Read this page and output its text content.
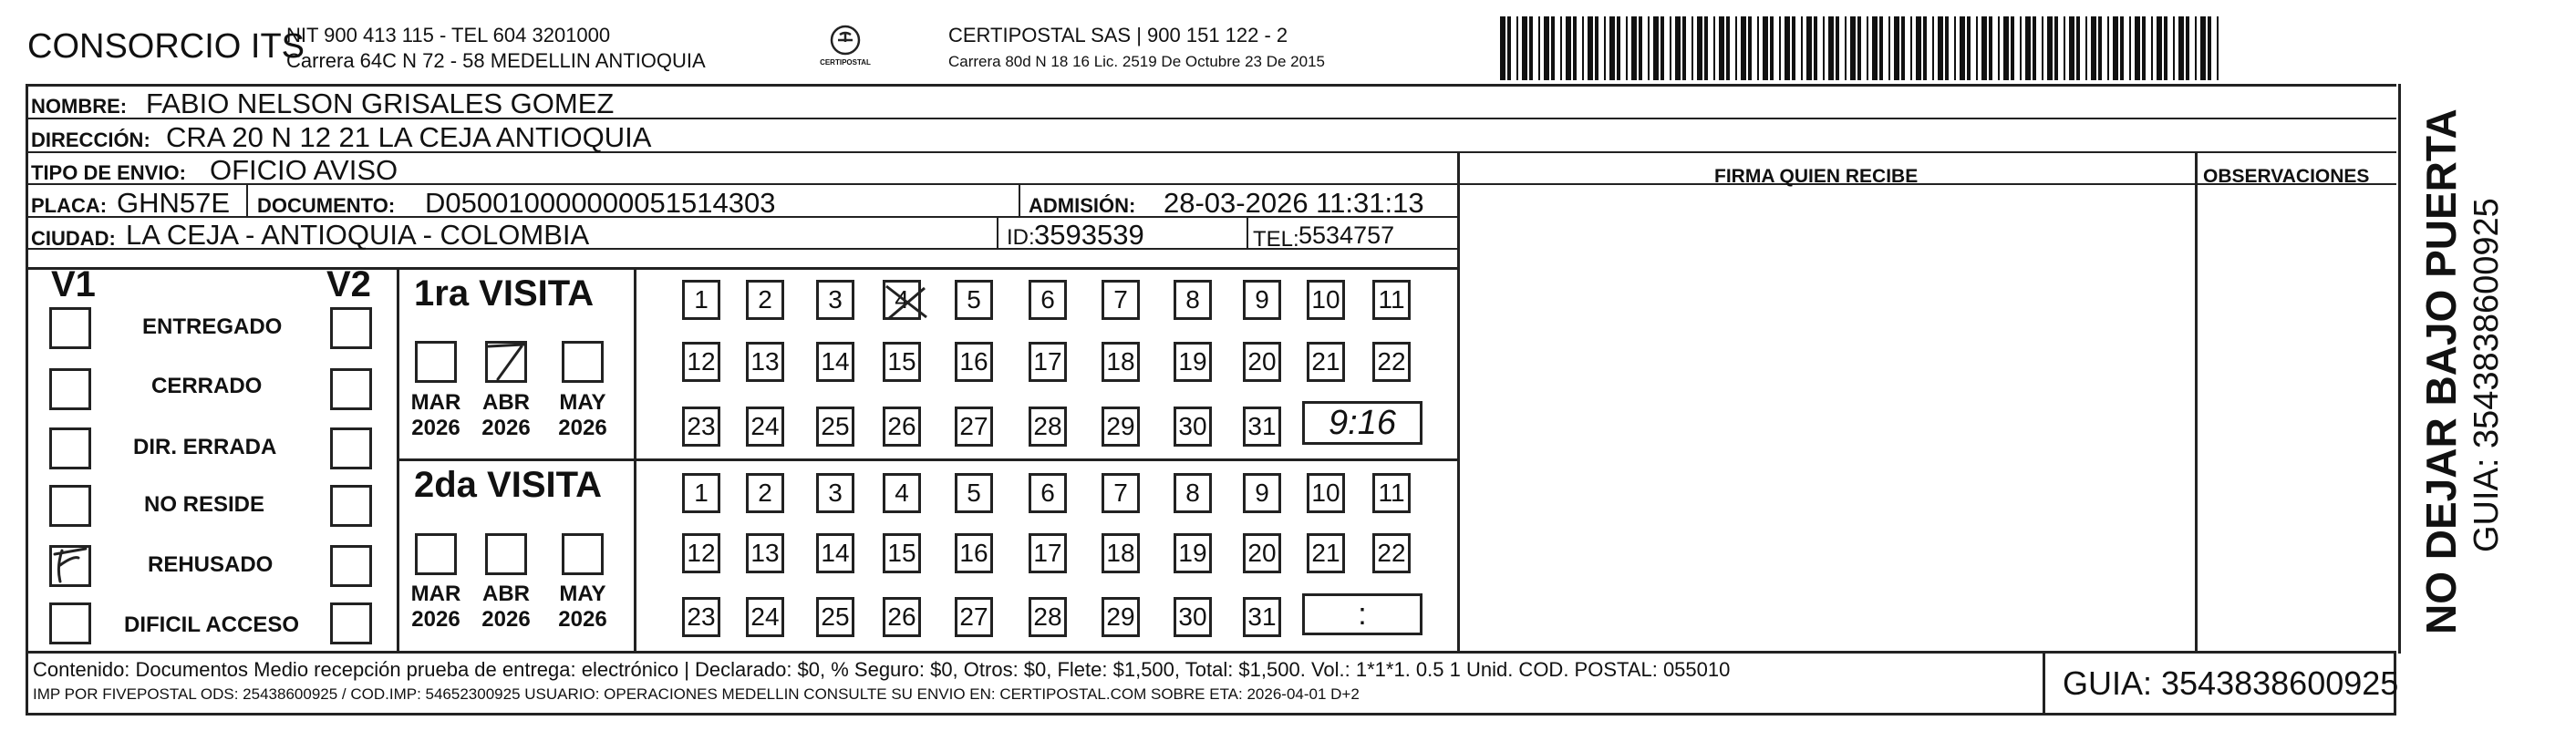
CONSORCIO ITS
NIT 900 413 115 - TEL 604 3201000
Carrera 64C N 72 - 58 MEDELLIN ANTIOQUIA	CERTIPOSTAL
CERTIPOSTAL SAS | 900 151 122 - 2
Carrera 80d N 18 16 Lic. 2519 De Octubre 23 De 2015
NOMBRE: FABIO NELSON GRISALES GOMEZ
DIRECCIÓN: CRA 20 N 12 21 LA CEJA ANTIOQUIA
TIPO DE ENVIO: OFICIO AVISO	FIRMA QUIEN RECIBE	OBSERVACIONES
PLACA: GHN57E DOCUMENTO: D050010000000051514303	ADMISIÓN: 28-03-2026 11:31:13
CIUDAD: LA CEJA - ANTIOQUIA - COLOMBIA	ID: 3593539	TEL: 5534757
V1	V2
ENTREGADO
CERRADO
DIR. ERRADA
NO RESIDE
REHUSADO
DIFICIL ACCESO
1ra VISITA
MAR
2026
ABR
2026
MAY
2026
1	2	3	4	5	6	7	8	9	10 11
12 13 14 15 16 17 18 19 20 21 22
23 24 25 26 27 28 29 30 31	9:16
2da VISITA
MAR
2026
ABR
2026
MAY
2026
1	2	3	4	5	6	7	8	9	10 11
12 13 14 15 16 17 18 19 20 21 22
23 24 25 26 27 28 29 30 31	:
Contenido: Documentos Medio recepción prueba de entrega: electrónico | Declarado: $0, % Seguro: $0, Otros: $0, Flete: $1,500, Total: $1,500. Vol.: 1*1*1. 0.5 1 Unid. COD. POSTAL: 055010
IMP POR FIVEPOSTAL ODS: 25438600925 / COD.IMP: 54652300925 USUARIO: OPERACIONES MEDELLIN CONSULTE SU ENVIO EN: CERTIPOSTAL.COM SOBRE ETA: 2026-04-01 D+2	GUIA: 3543838600925
NO DEJAR BAJO PUERTA GUIA: 3543838600925
